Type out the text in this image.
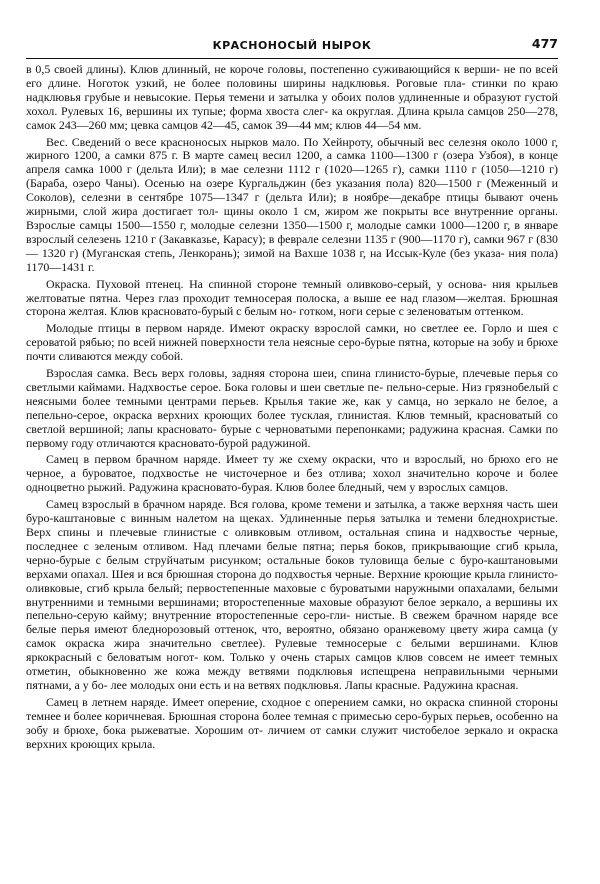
КРАСНОНОСЫЙ НЫРОК	477

в 0,5 своей длины). Клюв длинный, не короче головы, постепенно суживающийся к верши- не по всей его длине. Ноготок узкий, не более половины ширины надклювья. Роговые пла- стинки по краю надклювья грубые и невысокие. Перья темени и затылка у обоих полов удлиненные и образуют густой хохол. Рулевых 16, вершины их тупые; форма хвоста слег- ка округлая. Длина крыла самцов 250—278, самок 243—260 мм; цевка самцов 42—45, самок 39—44 мм; клюв 44—54 мм.

Вес. Сведений о весе красноносых нырков мало. По Хейнроту, обычный вес селезня около 1000 г, жирного 1200, а самки 875 г. В марте самец весил 1200, а самка 1100—1300 г (озера Узбоя), в конце апреля самка 1000 г (дельта Или); в мае селезни 1112 г (1020—1265 г), самки 1110 г (1050—1210 г) (Бараба, озеро Чаны). Осенью на озере Кургальджин (без указания пола) 820—1500 г (Меженный и Соколов), селезни в сентябре 1075—1347 г (дельта Или); в ноябре—декабре птицы бывают очень жирными, слой жира достигает тол- щины около 1 см, жиром же покрыты все внутренние органы. Взрослые самцы 1500—1550 г, молодые селезни 1350—1500 г, молодые самки 1000—1200 г, в январе взрослый селезень 1210 г (Закавказье, Карасу); в феврале селезни 1135 г (900—1170 г), самки 967 г (830— 1320 г) (Муганская степь, Ленкорань); зимой на Вахше 1038 г, на Иссык-Куле (без указа- ния пола) 1170—1431 г.

Окраска. Пуховой птенец. На спинной стороне темный оливково-серый, у основа- ния крыльев желтоватые пятна. Через глаз проходит темносерая полоска, а выше ее над глазом—желтая. Брюшная сторона желтая. Клюв красновато-бурый с белым но- готком, ноги серые с зеленоватым оттенком.

Молодые птицы в первом наряде. Имеют окраску взрослой самки, но светлее ее. Горло и шея с сероватой рябью; по всей нижней поверхности тела неясные серо-бурые пятна, которые на зобу и брюхе почти сливаются между собой.

Взрослая самка. Весь верх головы, задняя сторона шеи, спина глинисто-бурые, плечевые перья со светлыми каймами. Надхвостье серое. Бока головы и шеи светлые пе- пельно-серые. Низ грязнобелый с неясными более темными центрами перьев. Крылья такие же, как у самца, но зеркало не белое, а пепельно-серое, окраска верхних кроющих более тусклая, глинистая. Клюв темный, красноватый со светлой вершиной; лапы красновато- бурые с черноватыми перепонками; радужина красная. Самки по первому году отличаются красновато-бурой радужиной.

Самец в первом брачном наряде. Имеет ту же схему окраски, что и взрослый, но брюхо его не черное, а буроватое, подхвостье не чисточерное и без отлива; хохол значительно короче и более одноцветно рыжий. Радужина красновато-бурая. Клюв более бледный, чем у взрослых самцов.

Самец взрослый в брачном наряде. Вся голова, кроме темени и затылка, а также верхняя часть шеи буро-каштановые с винным налетом на щеках. Удлиненные перья затылка и темени бледнохристые. Верх спины и плечевые глинистые с оливковым отливом, остальная спина и надхвостье черные, последнее с зеленым отливом. Над плечами белые пятна; перья боков, прикрывающие сгиб крыла, черно-бурые с белым струйчатым рисунком; остальные боков туловища белые с буро-каштановыми верхами опахал. Шея и вся брюшная сторона до подхвостья черные. Верхние кроющие крыла глинисто-оливковые, сгиб крыла белый; первостепенные маховые с буроватыми наружными опахалами, белыми внутренними и темными вершинами; второстепенные маховые образуют белое зеркало, а вершины их пепельно-серую кайму; внутренние второстепенные серо-гли- нистые. В свежем брачном наряде все белые перья имеют бледнорозовый оттенок, что, вероятно, обязано оранжевому цвету жира самца (у самок окраска жира значительно светлее). Рулевые темносерые с белыми вершинами. Клюв яркокрасный с беловатым ногот- ком. Только у очень старых самцов клюв совсем не имеет темных отметин, обыкновенно же кожа между ветвями подклювья испещрена неправильными черными пятнами, а у бо- лее молодых они есть и на ветвях подклювья. Лапы красные. Радужина красная.

Самец в летнем наряде. Имеет оперение, сходное с оперением самки, но окраска спинной стороны темнее и более коричневая. Брюшная сторона более темная с примесью серо-бурых перьев, особенно на зобу и брюхе, бока рыжеватые. Хорошим от- личием от самки служит чистобелое зеркало и окраска верхних кроющих крыла.
